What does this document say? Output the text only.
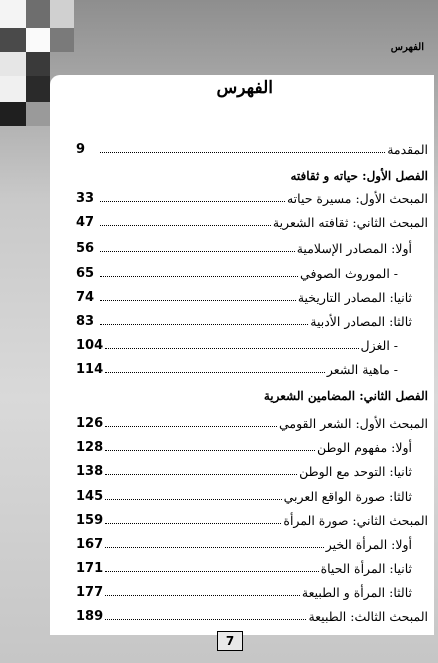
الفهرس
الفهرس
المقدمة
9
الفصل الأول: حياته و ثقافته
المبحث الأول: مسيرة حياته
33
المبحث الثاني: ثقافته الشعرية
47
أولا: المصادر الإسلامية
56
- الموروث الصوفي
65
ثانيا: المصادر التاريخية
74
ثالثا: المصادر الأدبية
83
- الغزل
104
- ماهية الشعر
114
الفصل الثاني: المضامين الشعرية
المبحث الأول: الشعر القومي
126
أولا: مفهوم الوطن
128
ثانيا: التوحد مع الوطن
138
ثالثا: صورة الواقع العربي
145
المبحث الثاني: صورة المرأة
159
أولا: المرأة الخير
167
ثانيا: المرأة الحياة
171
ثالثا: المرأة و الطبيعة
177
المبحث الثالث: الطبيعة
189
7
